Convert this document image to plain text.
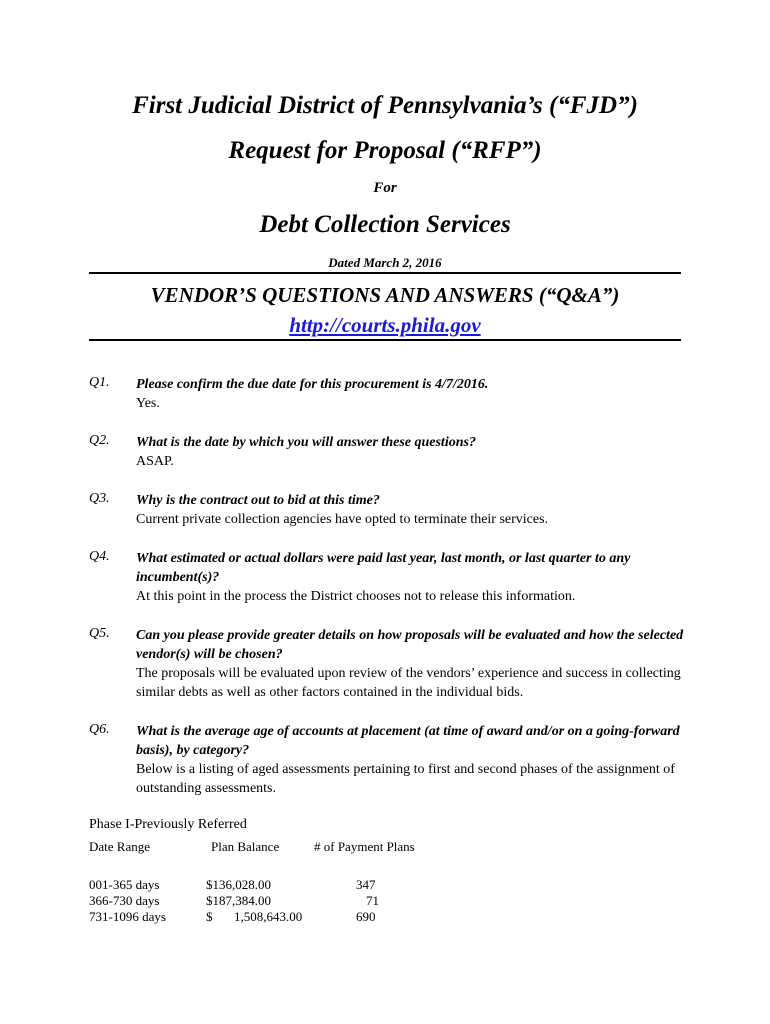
First Judicial District of Pennsylvania’s (“FJD”)
Request for Proposal (“RFP”)
For
Debt Collection Services
Dated March 2, 2016
VENDOR’S QUESTIONS AND ANSWERS (“Q&A”)
http://courts.phila.gov
Q1. Please confirm the due date for this procurement is 4/7/2016.
Yes.
Q2. What is the date by which you will answer these questions?
ASAP.
Q3. Why is the contract out to bid at this time?
Current private collection agencies have opted to terminate their services.
Q4. What estimated or actual dollars were paid last year, last month, or last quarter to any incumbent(s)?
At this point in the process the District chooses not to release this information.
Q5. Can you please provide greater details on how proposals will be evaluated and how the selected vendor(s) will be chosen?
The proposals will be evaluated upon review of the vendors’ experience and success in collecting similar debts as well as other factors contained in the individual bids.
Q6. What is the average age of accounts at placement (at time of award and/or on a going-forward basis), by category?
Below is a listing of aged assessments pertaining to first and second phases of the assignment of outstanding assessments.
Phase I-Previously Referred
Date Range	Plan Balance	# of Payment Plans
001-365 days	$136,028.00	347
366-730 days	$187,384.00	71
731-1096 days	$ 1,508,643.00	690
